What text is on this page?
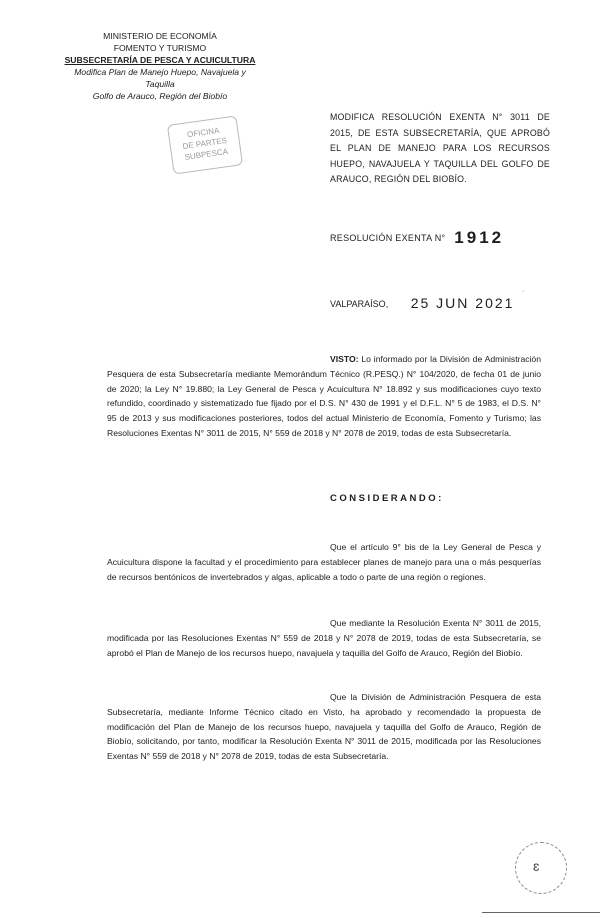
MINISTERIO DE ECONOMÍA
FOMENTO Y TURISMO
SUBSECRETARÍA DE PESCA Y ACUICULTURA
Modifica Plan de Manejo Huepo, Navajuela y Taquilla
Golfo de Arauco, Región del Biobío
OFICINA
DE PARTES
SUBPESCA
MODIFICA RESOLUCIÓN EXENTA N° 3011 DE 2015, DE ESTA SUBSECRETARÍA, QUE APROBÓ EL PLAN DE MANEJO PARA LOS RECURSOS HUEPO, NAVAJUELA Y TAQUILLA DEL GOLFO DE ARAUCO, REGIÓN DEL BIOBÍO.
RESOLUCIÓN EXENTA N° 1912
VALPARAÍSO, 25 JUN 2021
·
VISTO: Lo informado por la División de Administración Pesquera de esta Subsecretaría mediante Memorándum Técnico (R.PESQ.) N° 104/2020, de fecha 01 de junio de 2020; la Ley N° 19.880; la Ley General de Pesca y Acuicultura N° 18.892 y sus modificaciones cuyo texto refundido, coordinado y sistematizado fue fijado por el D.S. N° 430 de 1991 y el D.F.L. N° 5 de 1983, el D.S. N° 95 de 2013 y sus modificaciones posteriores, todos del actual Ministerio de Economía, Fomento y Turismo; las Resoluciones Exentas N° 3011 de 2015, N° 559 de 2018 y N° 2078 de 2019, todas de esta Subsecretaría.
CONSIDERANDO:
Que el artículo 9° bis de la Ley General de Pesca y Acuicultura dispone la facultad y el procedimiento para establecer planes de manejo para una o más pesquerías de recursos bentónicos de invertebrados y algas, aplicable a todo o parte de una región o regiones.
Que mediante la Resolución Exenta N° 3011 de 2015, modificada por las Resoluciones Exentas N° 559 de 2018 y N° 2078 de 2019, todas de esta Subsecretaría, se aprobó el Plan de Manejo de los recursos huepo, navajuela y taquilla del Golfo de Arauco, Región del Biobío.
Que la División de Administración Pesquera de esta Subsecretaría, mediante Informe Técnico citado en Visto, ha aprobado y recomendado la propuesta de modificación del Plan de Manejo de los recursos huepo, navajuela y taquilla del Golfo de Arauco, Región de Biobío, solicitando, por tanto, modificar la Resolución Exenta N° 3011 de 2015, modificada por las Resoluciones Exentas N° 559 de 2018 y N° 2078 de 2019, todas de esta Subsecretaría.
ɛ
